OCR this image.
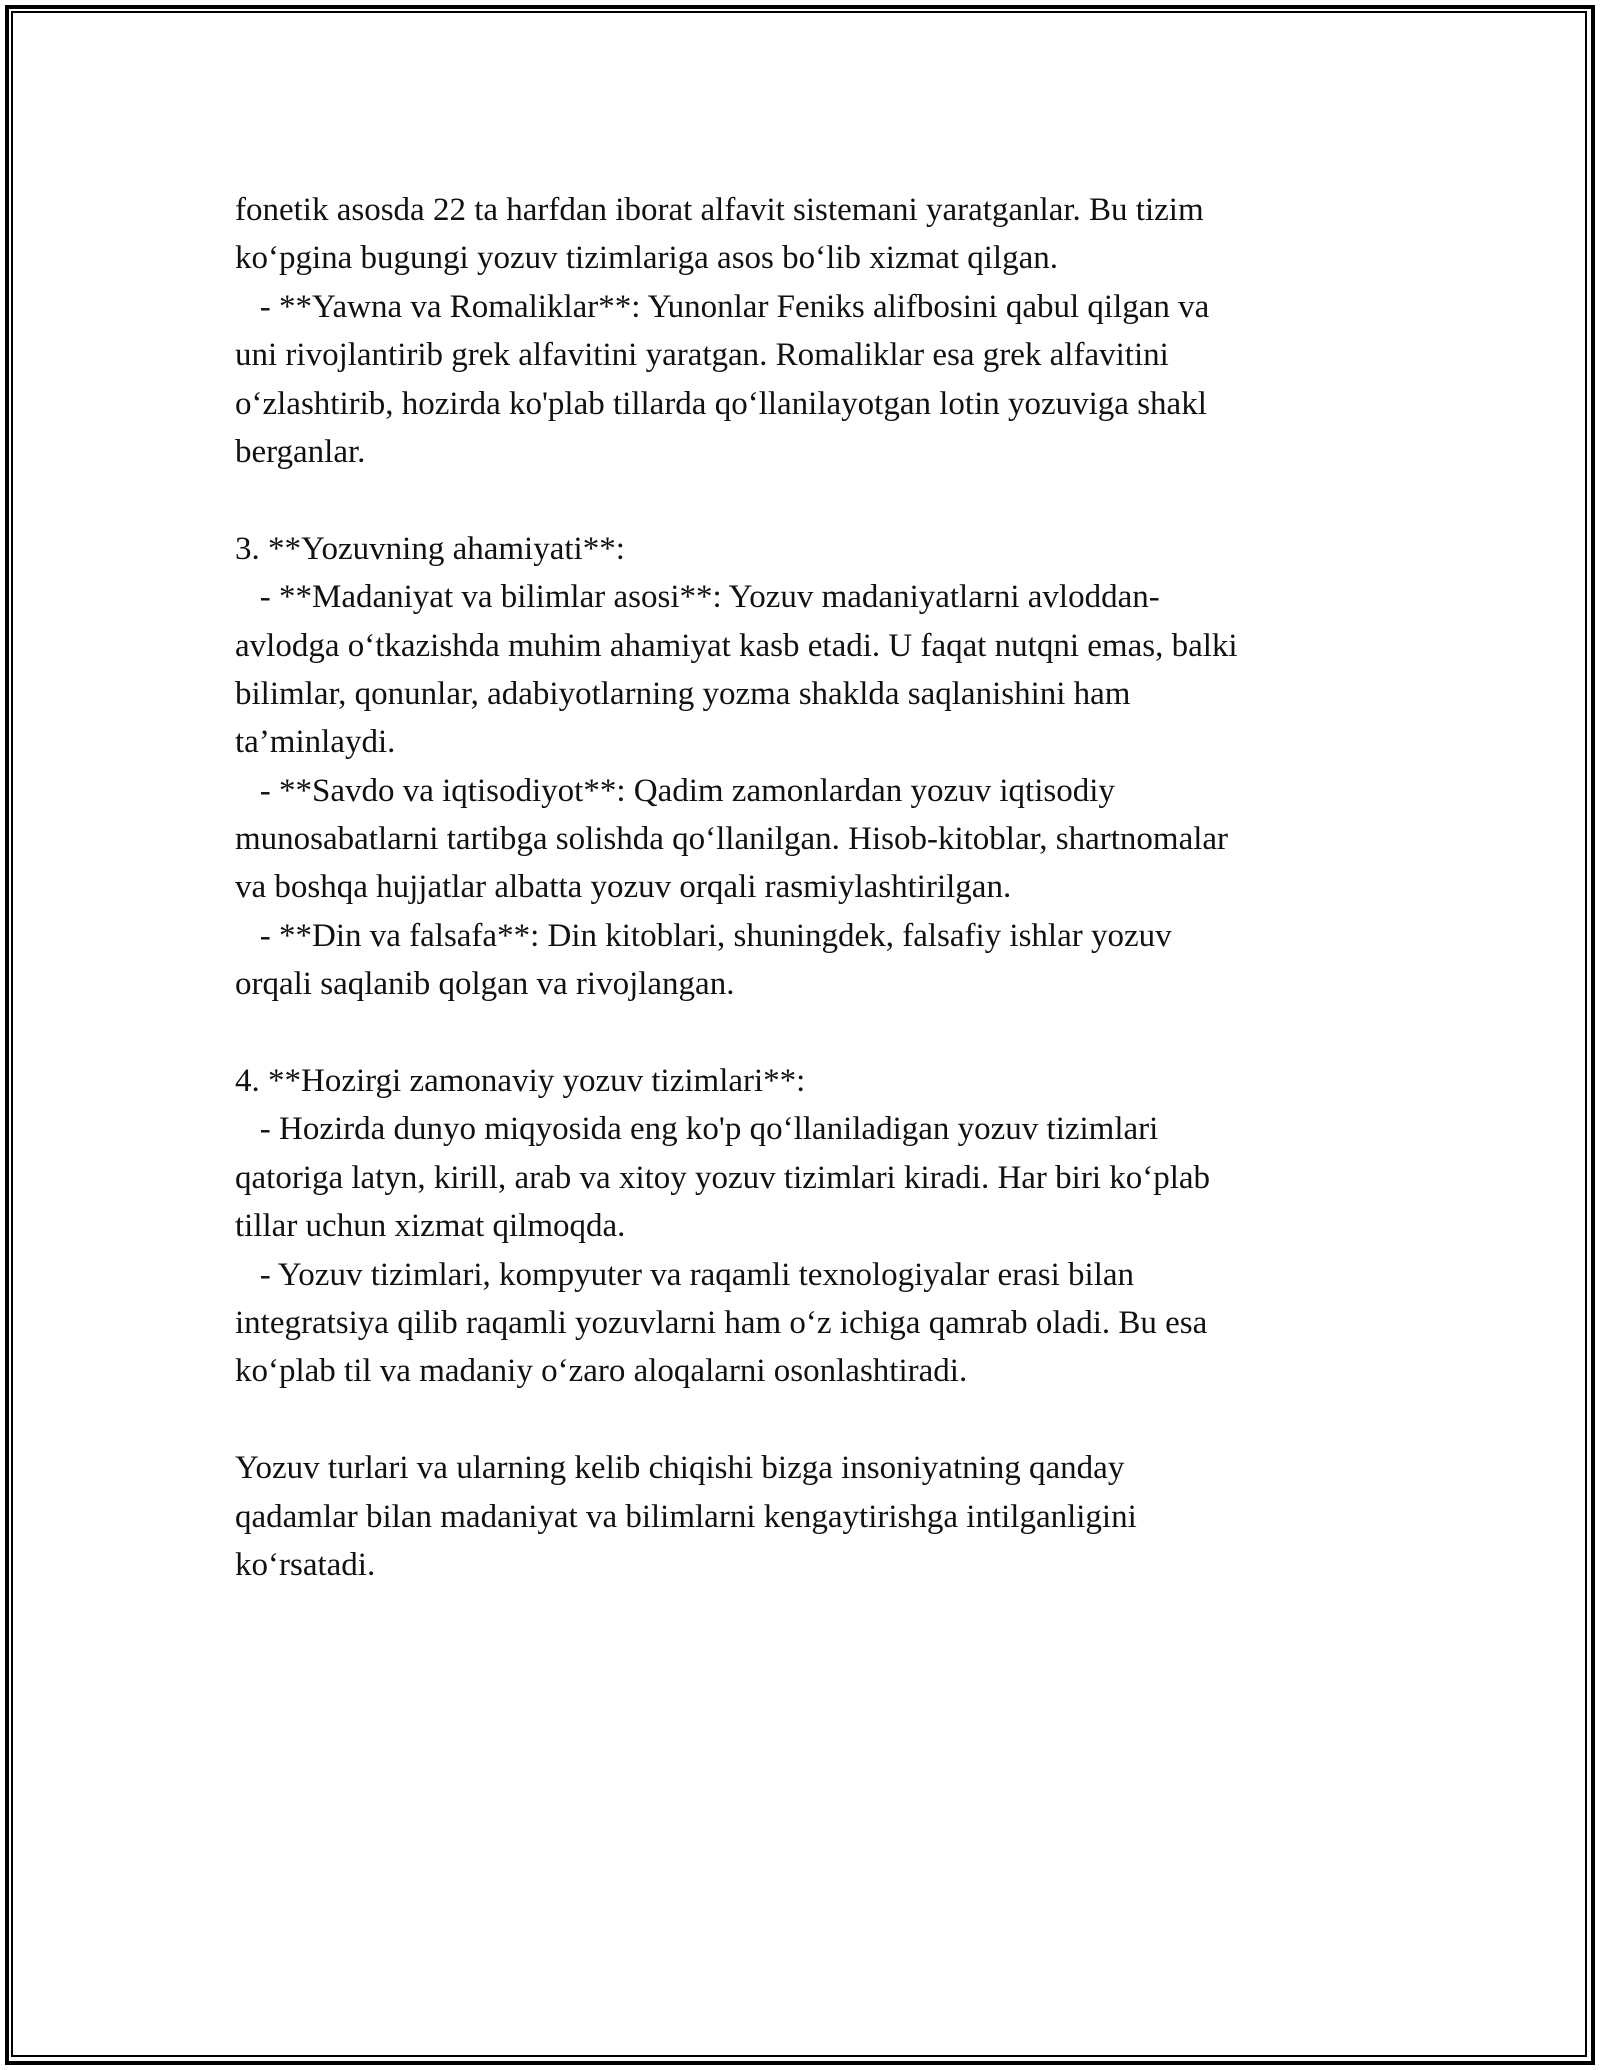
fonetik asosda 22 ta harfdan iborat alfavit sistemani yaratganlar. Bu tizim

ko‘pgina bugungi yozuv tizimlariga asos bo‘lib xizmat qilgan.

- **Yawna va Romaliklar**: Yunonlar Feniks alifbosini qabul qilgan va

uni rivojlantirib grek alfavitini yaratgan. Romaliklar esa grek alfavitini

o‘zlashtirib, hozirda ko'plab tillarda qo‘llanilayotgan lotin yozuviga shakl

berganlar.

3. **Yozuvning ahamiyati**:

- **Madaniyat va bilimlar asosi**: Yozuv madaniyatlarni avloddan-

avlodga o‘tkazishda muhim ahamiyat kasb etadi. U faqat nutqni emas, balki

bilimlar, qonunlar, adabiyotlarning yozma shaklda saqlanishini ham

ta’minlaydi.

- **Savdo va iqtisodiyot**: Qadim zamonlardan yozuv iqtisodiy

munosabatlarni tartibga solishda qo‘llanilgan. Hisob-kitoblar, shartnomalar

va boshqa hujjatlar albatta yozuv orqali rasmiylashtirilgan.

- **Din va falsafa**: Din kitoblari, shuningdek, falsafiy ishlar yozuv

orqali saqlanib qolgan va rivojlangan.

4. **Hozirgi zamonaviy yozuv tizimlari**:

- Hozirda dunyo miqyosida eng ko'p qo‘llaniladigan yozuv tizimlari

qatoriga latyn, kirill, arab va xitoy yozuv tizimlari kiradi. Har biri ko‘plab

tillar uchun xizmat qilmoqda.

- Yozuv tizimlari, kompyuter va raqamli texnologiyalar erasi bilan

integratsiya qilib raqamli yozuvlarni ham o‘z ichiga qamrab oladi. Bu esa

ko‘plab til va madaniy o‘zaro aloqalarni osonlashtiradi.

Yozuv turlari va ularning kelib chiqishi bizga insoniyatning qanday

qadamlar bilan madaniyat va bilimlarni kengaytirishga intilganligini

ko‘rsatadi.
